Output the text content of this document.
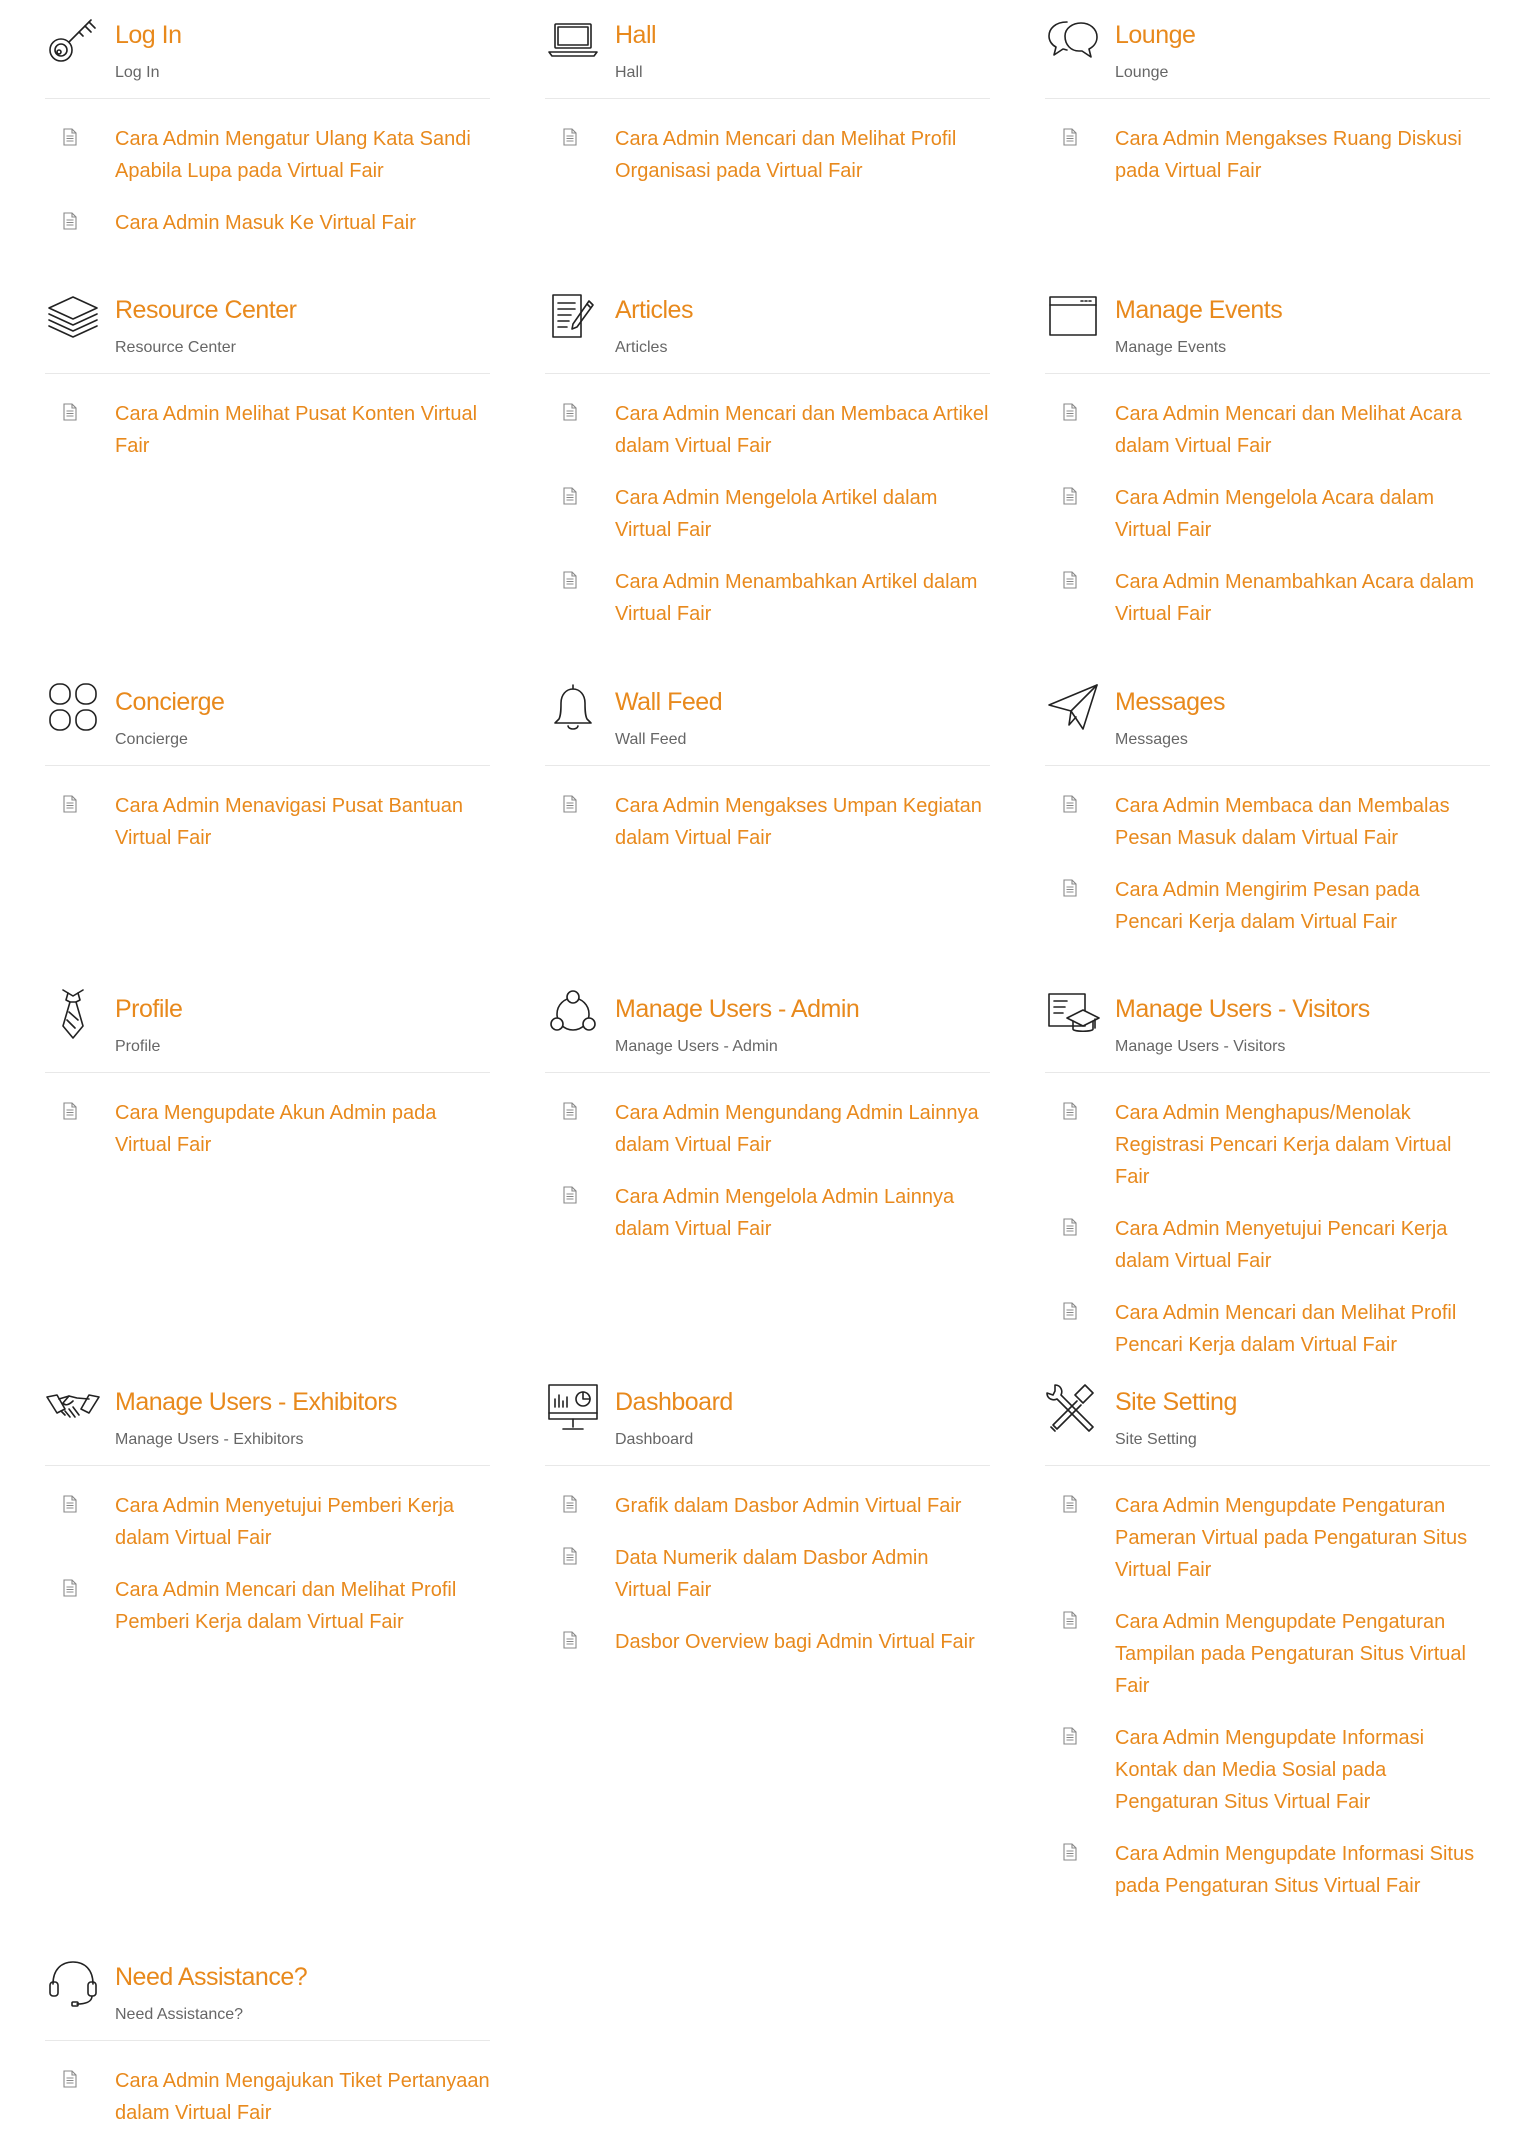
Log In
Log In
Cara Admin Mengatur Ulang Kata Sandi Apabila Lupa pada Virtual Fair
Cara Admin Masuk Ke Virtual Fair
Hall
Hall
Cara Admin Mencari dan Melihat Profil Organisasi pada Virtual Fair
Lounge
Lounge
Cara Admin Mengakses Ruang Diskusi pada Virtual Fair
Resource Center
Resource Center
Cara Admin Melihat Pusat Konten Virtual Fair
Articles
Articles
Cara Admin Mencari dan Membaca Artikel dalam Virtual Fair
Cara Admin Mengelola Artikel dalam Virtual Fair
Cara Admin Menambahkan Artikel dalam Virtual Fair
Manage Events
Manage Events
Cara Admin Mencari dan Melihat Acara dalam Virtual Fair
Cara Admin Mengelola Acara dalam Virtual Fair
Cara Admin Menambahkan Acara dalam Virtual Fair
Concierge
Concierge
Cara Admin Menavigasi Pusat Bantuan Virtual Fair
Wall Feed
Wall Feed
Cara Admin Mengakses Umpan Kegiatan dalam Virtual Fair
Messages
Messages
Cara Admin Membaca dan Membalas Pesan Masuk dalam Virtual Fair
Cara Admin Mengirim Pesan pada Pencari Kerja dalam Virtual Fair
Profile
Profile
Cara Mengupdate Akun Admin pada Virtual Fair
Manage Users - Admin
Manage Users - Admin
Cara Admin Mengundang Admin Lainnya dalam Virtual Fair
Cara Admin Mengelola Admin Lainnya dalam Virtual Fair
Manage Users - Visitors
Manage Users - Visitors
Cara Admin Menghapus/Menolak Registrasi Pencari Kerja dalam Virtual Fair
Cara Admin Menyetujui Pencari Kerja dalam Virtual Fair
Cara Admin Mencari dan Melihat Profil Pencari Kerja dalam Virtual Fair
Manage Users - Exhibitors
Manage Users - Exhibitors
Cara Admin Menyetujui Pemberi Kerja dalam Virtual Fair
Cara Admin Mencari dan Melihat Profil Pemberi Kerja dalam Virtual Fair
Dashboard
Dashboard
Grafik dalam Dasbor Admin Virtual Fair
Data Numerik dalam Dasbor Admin Virtual Fair
Dasbor Overview bagi Admin Virtual Fair
Site Setting
Site Setting
Cara Admin Mengupdate Pengaturan Pameran Virtual pada Pengaturan Situs Virtual Fair
Cara Admin Mengupdate Pengaturan Tampilan pada Pengaturan Situs Virtual Fair
Cara Admin Mengupdate Informasi Kontak dan Media Sosial pada Pengaturan Situs Virtual Fair
Cara Admin Mengupdate Informasi Situs pada Pengaturan Situs Virtual Fair
Need Assistance?
Need Assistance?
Cara Admin Mengajukan Tiket Pertanyaan dalam Virtual Fair
